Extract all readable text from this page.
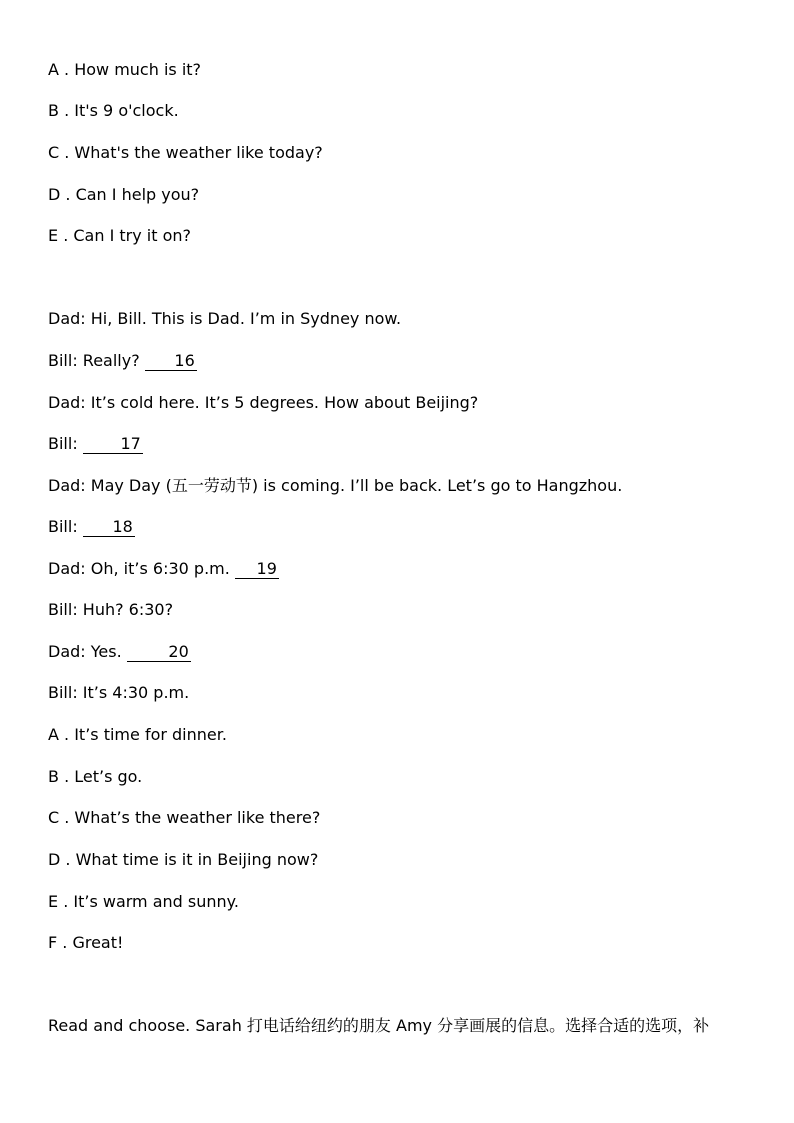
A . How much is it?
B . It's 9 o'clock.
C . What's the weather like today?
D . Can I help you?
E . Can I try it on?
Dad: Hi, Bill. This is Dad. I’m in Sydney now.
Bill: Really? 16
Dad: It’s cold here. It’s 5 degrees. How about Beijing?
Bill: 17
Dad: May Day (五一劳动节) is coming. I’ll be back. Let’s go to Hangzhou.
Bill: 18
Dad: Oh, it’s 6:30 p.m. 19
Bill: Huh? 6:30?
Dad: Yes.	20
Bill: It’s 4:30 p.m.
A . It’s time for dinner.
B . Let’s go.
C . What’s the weather like there?
D . What time is it in Beijing now?
E . It’s warm and sunny.
F . Great!
Read and choose. Sarah 打电话给纽约的朋友 Amy 分享画展的信息。选择合适的选项，补
